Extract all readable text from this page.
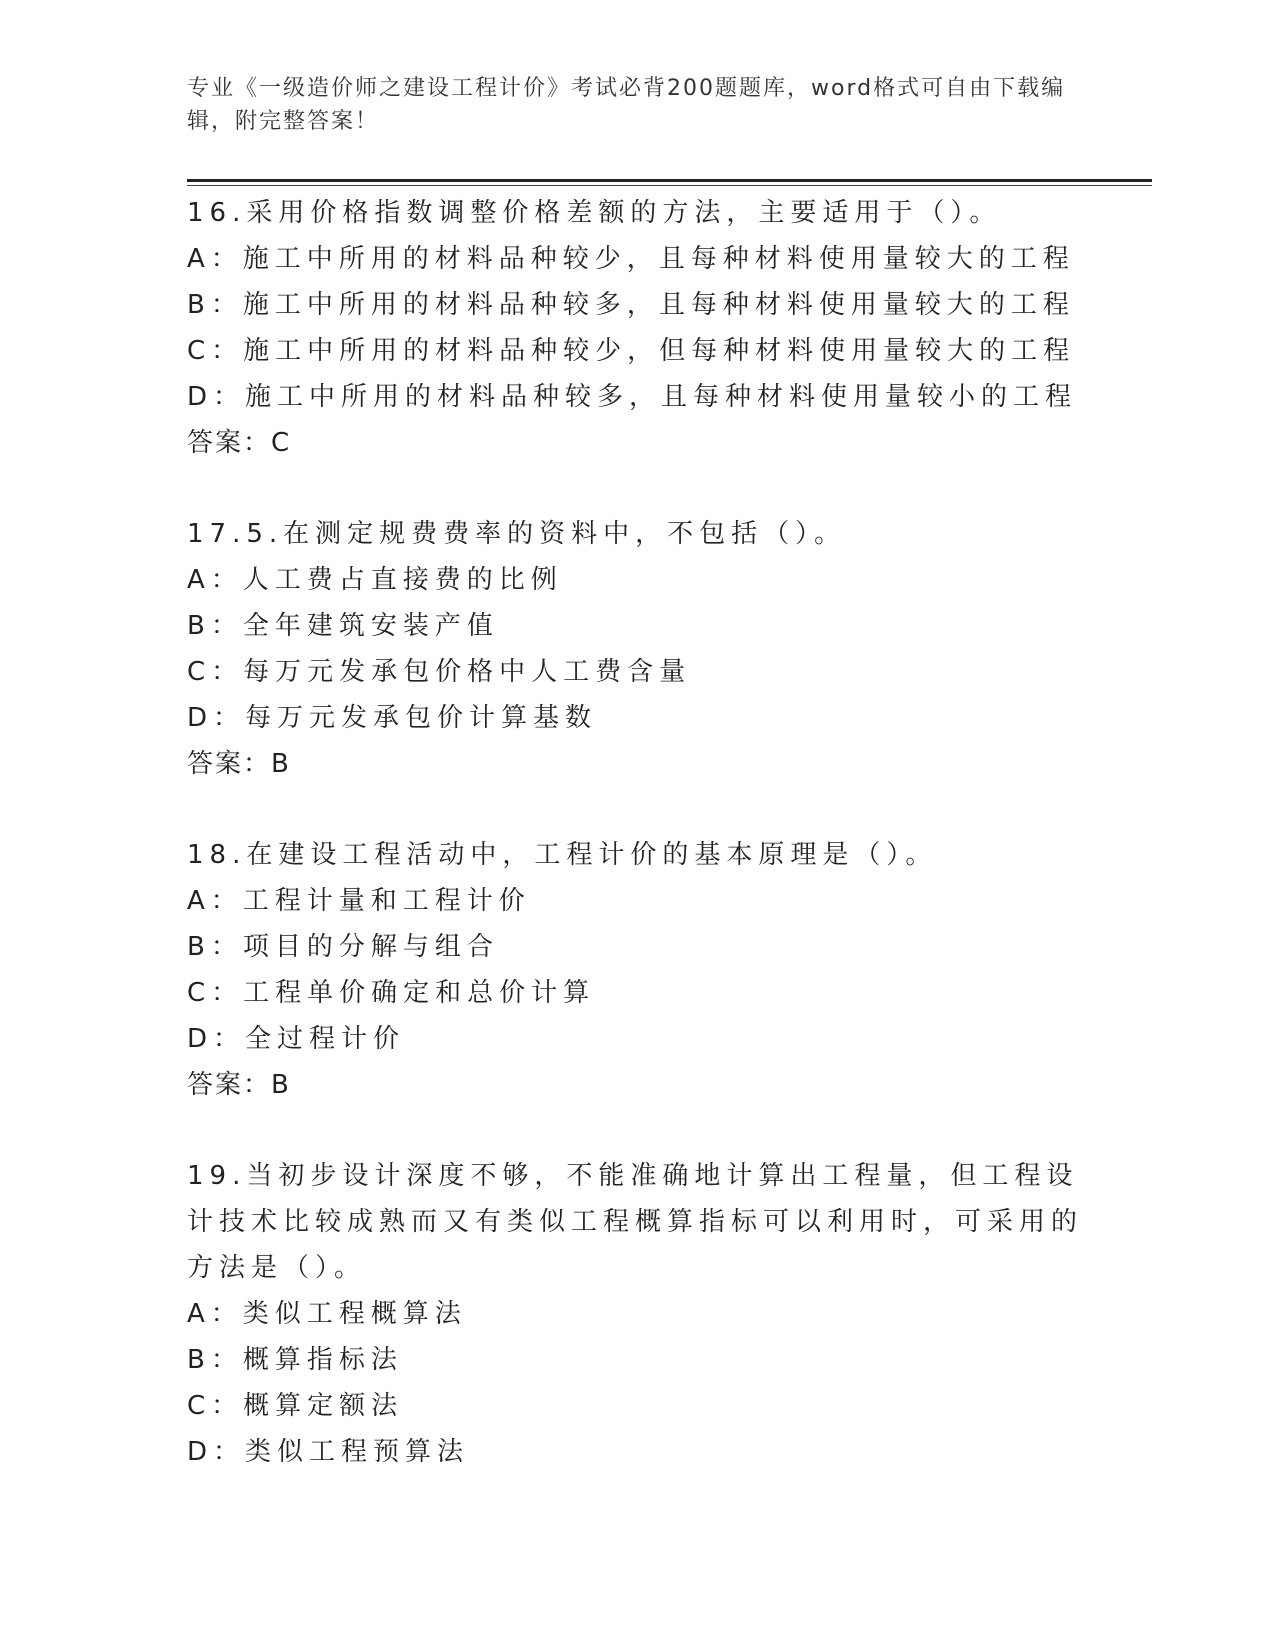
专业《一级造价师之建设工程计价》考试必背200题题库，word格式可自由下载编辑，附完整答案！
16.采用价格指数调整价格差额的方法，主要适用于（）。
A：施工中所用的材料品种较少，且每种材料使用量较大的工程
B：施工中所用的材料品种较多，且每种材料使用量较大的工程
C：施工中所用的材料品种较少，但每种材料使用量较大的工程
D：施工中所用的材料品种较多，且每种材料使用量较小的工程
答案：C
17.5.在测定规费费率的资料中，不包括（）。
A：人工费占直接费的比例
B：全年建筑安装产值
C：每万元发承包价格中人工费含量
D：每万元发承包价计算基数
答案：B
18.在建设工程活动中，工程计价的基本原理是（）。
A：工程计量和工程计价
B：项目的分解与组合
C：工程单价确定和总价计算
D：全过程计价
答案：B
19.当初步设计深度不够，不能准确地计算出工程量，但工程设计技术比较成熟而又有类似工程概算指标可以利用时，可采用的方法是（）。
A：类似工程概算法
B：概算指标法
C：概算定额法
D：类似工程预算法
